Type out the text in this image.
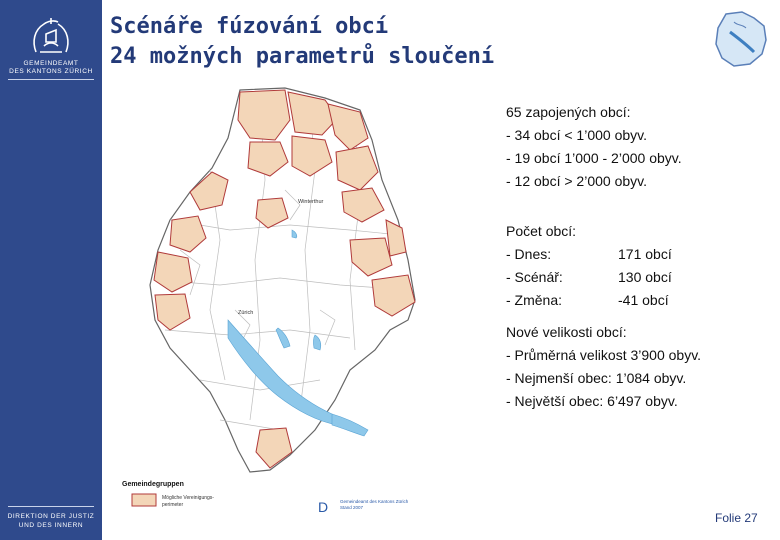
GEMEINDEAMT
DES KANTONS ZÜRICH
DIREKTION DER JUSTIZ
UND DES INNERN
Scénáře fúzování obcí
24 možných parametrů sloučení
Zürich
Winterthur
Gemeindegruppen
Mögliche Vereinigungs-
perimeter	D	Gemeindeamt des Kantons Zürich
Stand 2007
65 zapojených obcí:
- 34 obcí < 1’000 obyv.
- 19 obcí 1’000 - 2’000 obyv.
- 12 obcí > 2’000 obyv.
Počet obcí:
- Dnes:	171 obcí
- Scénář:	130 obcí
- Změna:	-41 obcí
Nové velikosti obcí:
- Průměrná velikost 3’900 obyv.
- Nejmenší obec: 1’084 obyv.
- Největší obec: 6’497 obyv.
Folie 27
